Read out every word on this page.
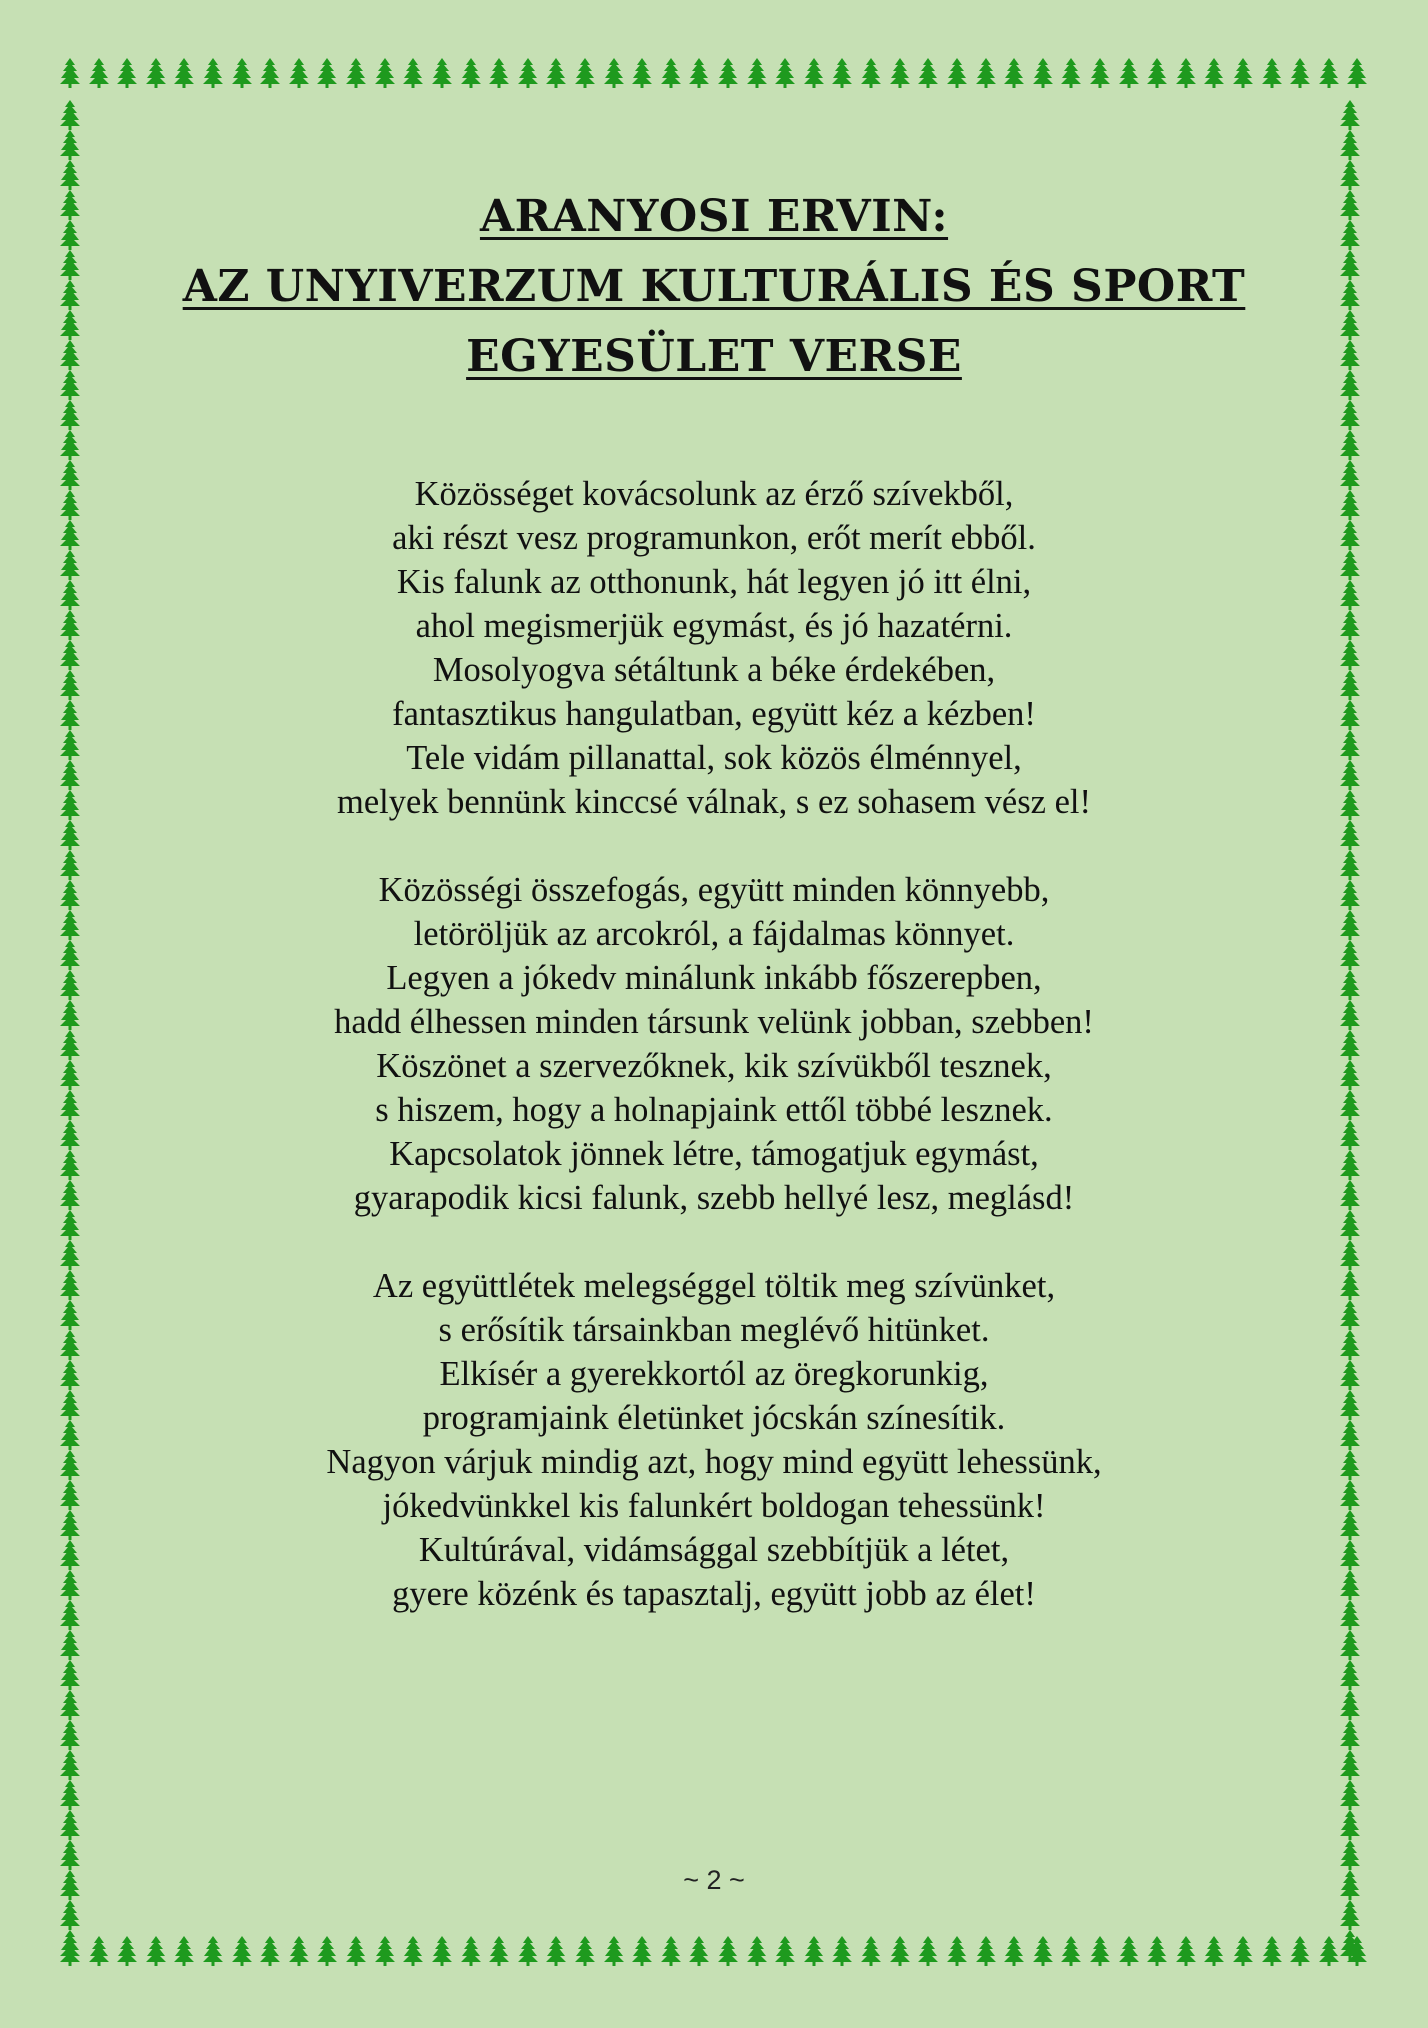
ARANYOSI ERVIN:
AZ UNYIVERZUM KULTURÁLIS ÉS SPORT
EGYESÜLET VERSE
Közösséget kovácsolunk az érző szívekből,
aki részt vesz programunkon, erőt merít ebből.
Kis falunk az otthonunk, hát legyen jó itt élni,
ahol megismerjük egymást, és jó hazatérni.
Mosolyogva sétáltunk a béke érdekében,
fantasztikus hangulatban, együtt kéz a kézben!
Tele vidám pillanattal, sok közös élménnyel,
melyek bennünk kinccsé válnak, s ez sohasem vész el!
Közösségi összefogás, együtt minden könnyebb,
letöröljük az arcokról, a fájdalmas könnyet.
Legyen a jókedv minálunk inkább főszerepben,
hadd élhessen minden társunk velünk jobban, szebben!
Köszönet a szervezőknek, kik szívükből tesznek,
s hiszem, hogy a holnapjaink ettől többé lesznek.
Kapcsolatok jönnek létre, támogatjuk egymást,
gyarapodik kicsi falunk, szebb hellyé lesz, meglásd!
Az együttlétek melegséggel töltik meg szívünket,
s erősítik társainkban meglévő hitünket.
Elkísér a gyerekkortól az öregkorunkig,
programjaink életünket jócskán színesítik.
Nagyon várjuk mindig azt, hogy mind együtt lehessünk,
jókedvünkkel kis falunkért boldogan tehessünk!
Kultúrával, vidámsággal szebbítjük a létet,
gyere közénk és tapasztalj, együtt jobb az élet!
~ 2 ~
